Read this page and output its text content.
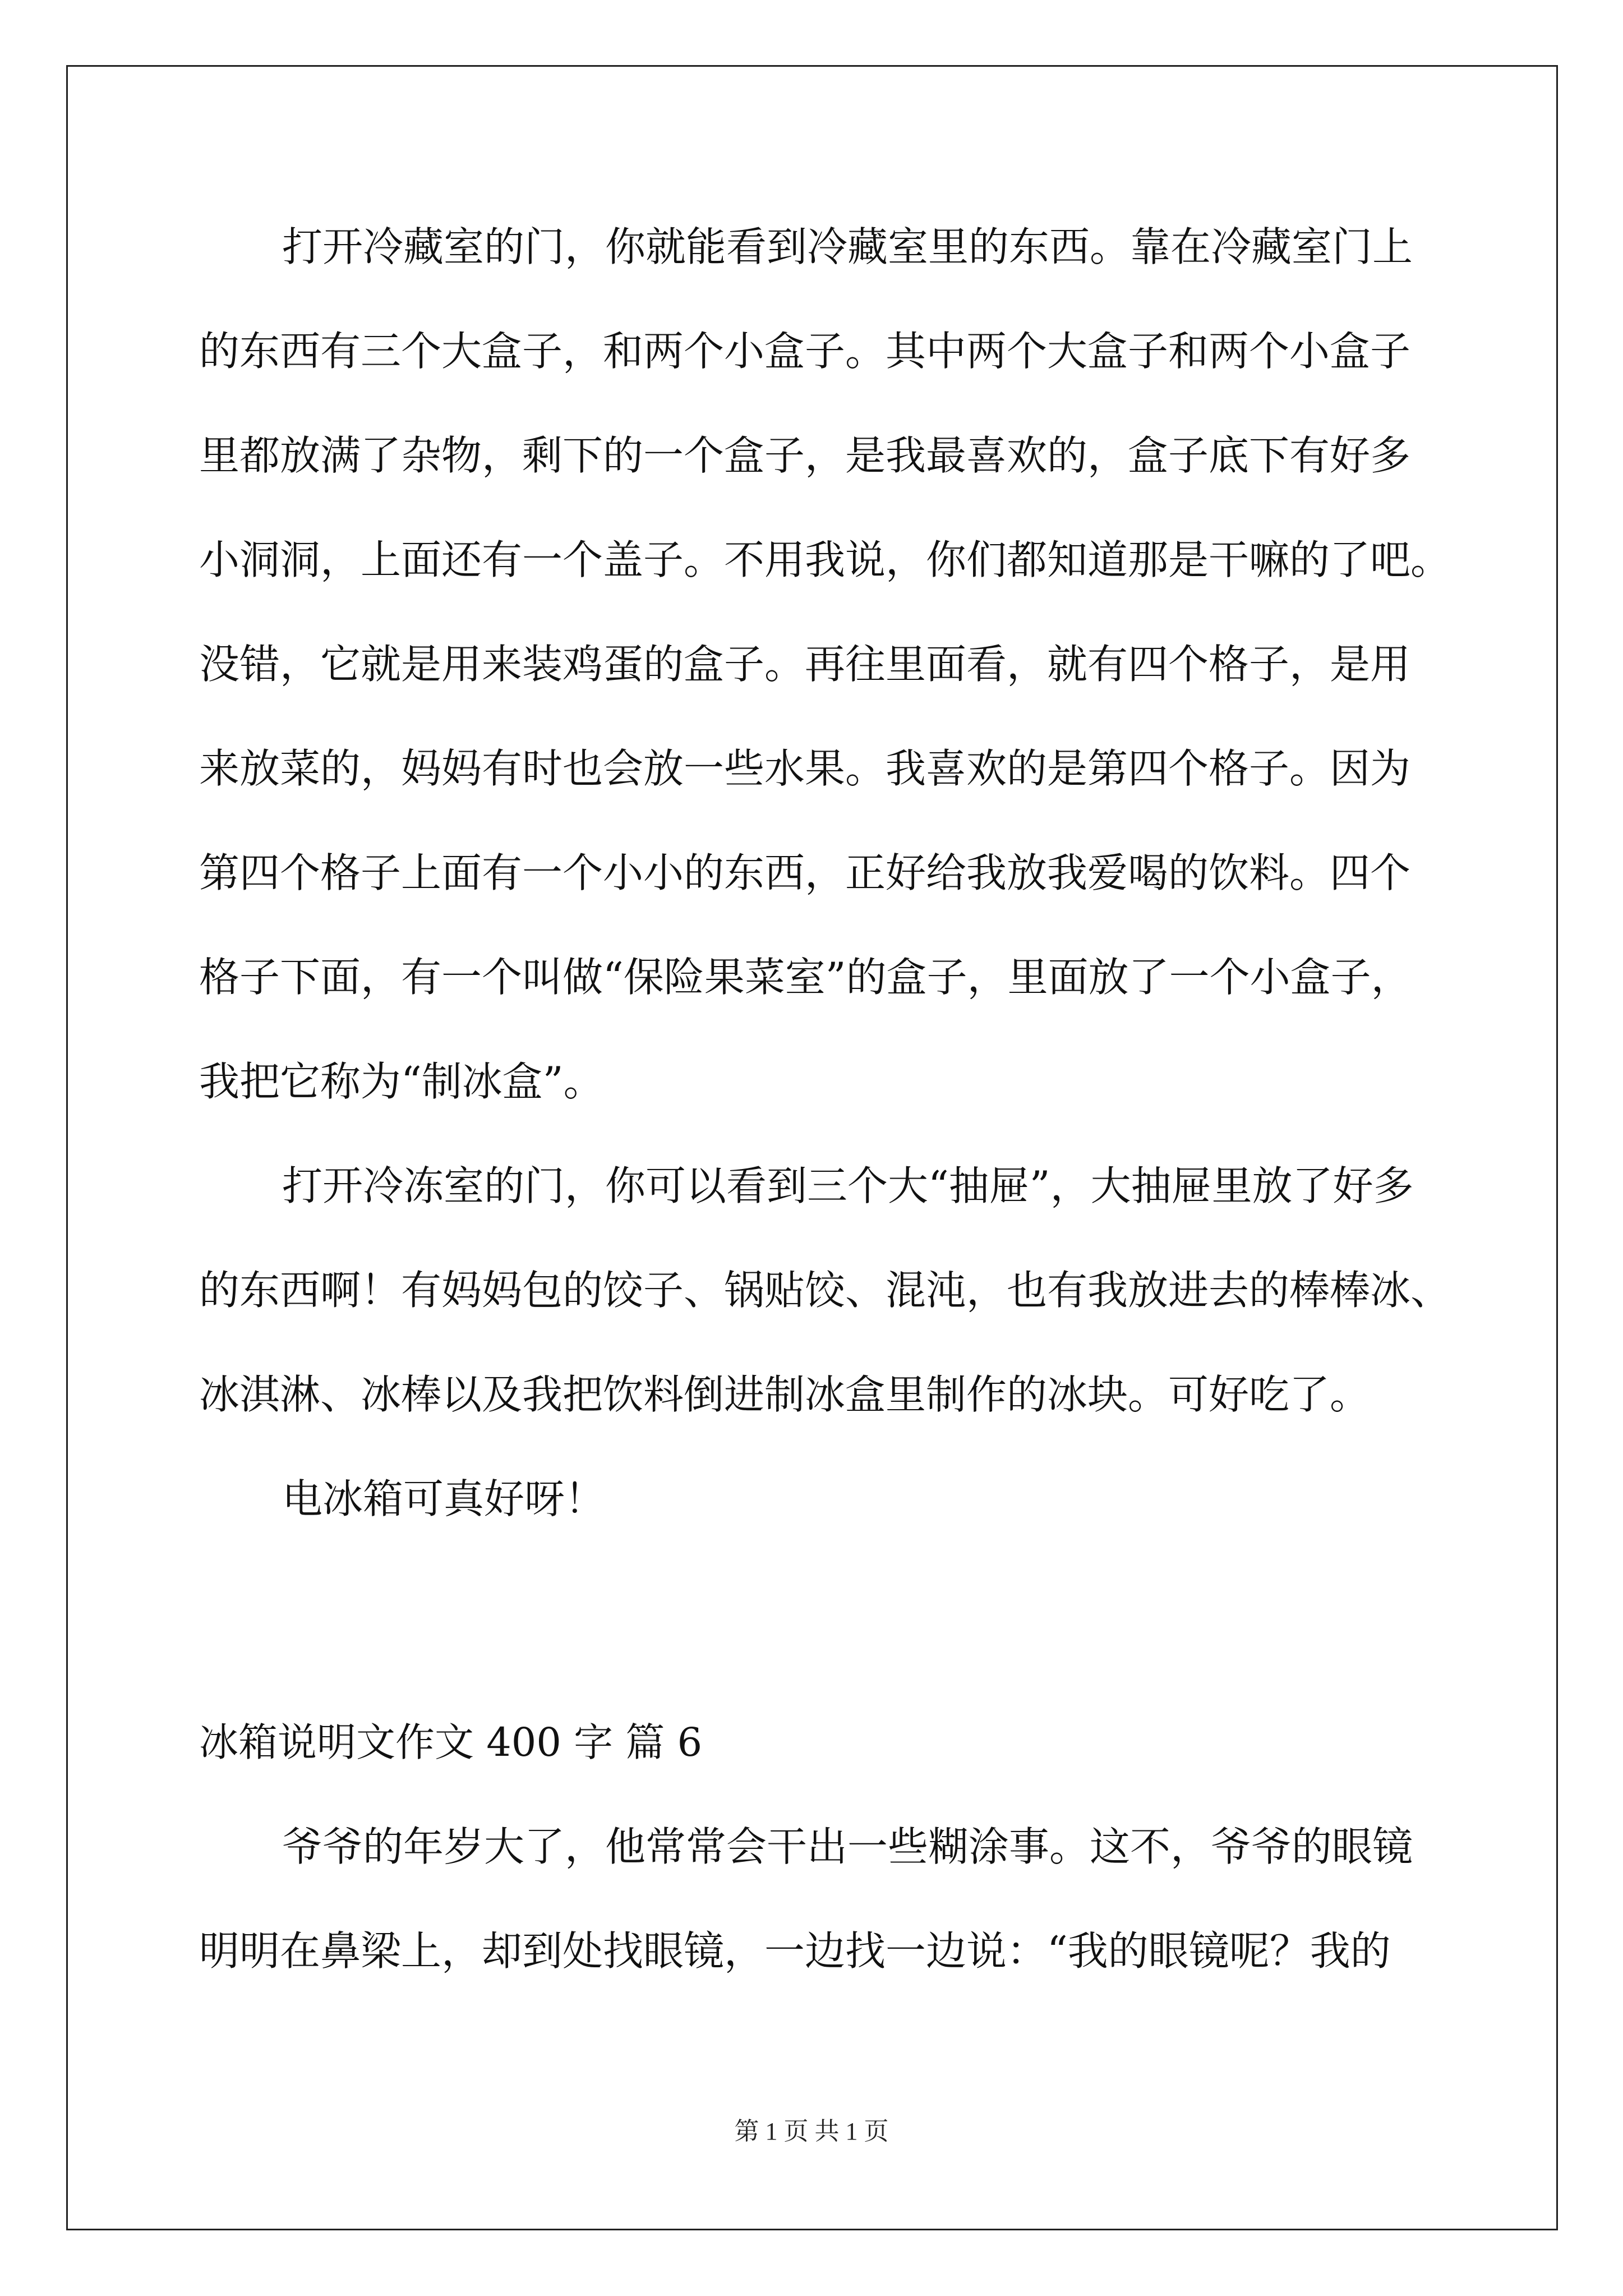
打开冷藏室的门，你就能看到冷藏室里的东西。靠在冷藏室门上
的东西有三个大盒子，和两个小盒子。其中两个大盒子和两个小盒子
里都放满了杂物，剩下的一个盒子，是我最喜欢的，盒子底下有好多
小洞洞，上面还有一个盖子。不用我说，你们都知道那是干嘛的了吧。
没错，它就是用来装鸡蛋的盒子。再往里面看，就有四个格子，是用
来放菜的，妈妈有时也会放一些水果。我喜欢的是第四个格子。因为
第四个格子上面有一个小小的东西，正好给我放我爱喝的饮料。四个
格子下面，有一个叫做“保险果菜室”的盒子，里面放了一个小盒子，
我把它称为“制冰盒”。
打开冷冻室的门，你可以看到三个大“抽屉”，大抽屉里放了好多
的东西啊！有妈妈包的饺子、锅贴饺、混沌，也有我放进去的棒棒冰、
冰淇淋、冰棒以及我把饮料倒进制冰盒里制作的冰块。可好吃了。
电冰箱可真好呀！
冰箱说明文作文 400 字 篇 6
爷爷的年岁大了，他常常会干出一些糊涂事。这不，爷爷的眼镜
明明在鼻梁上，却到处找眼镜，一边找一边说：“我的眼镜呢？我的
第 1 页 共 1 页
